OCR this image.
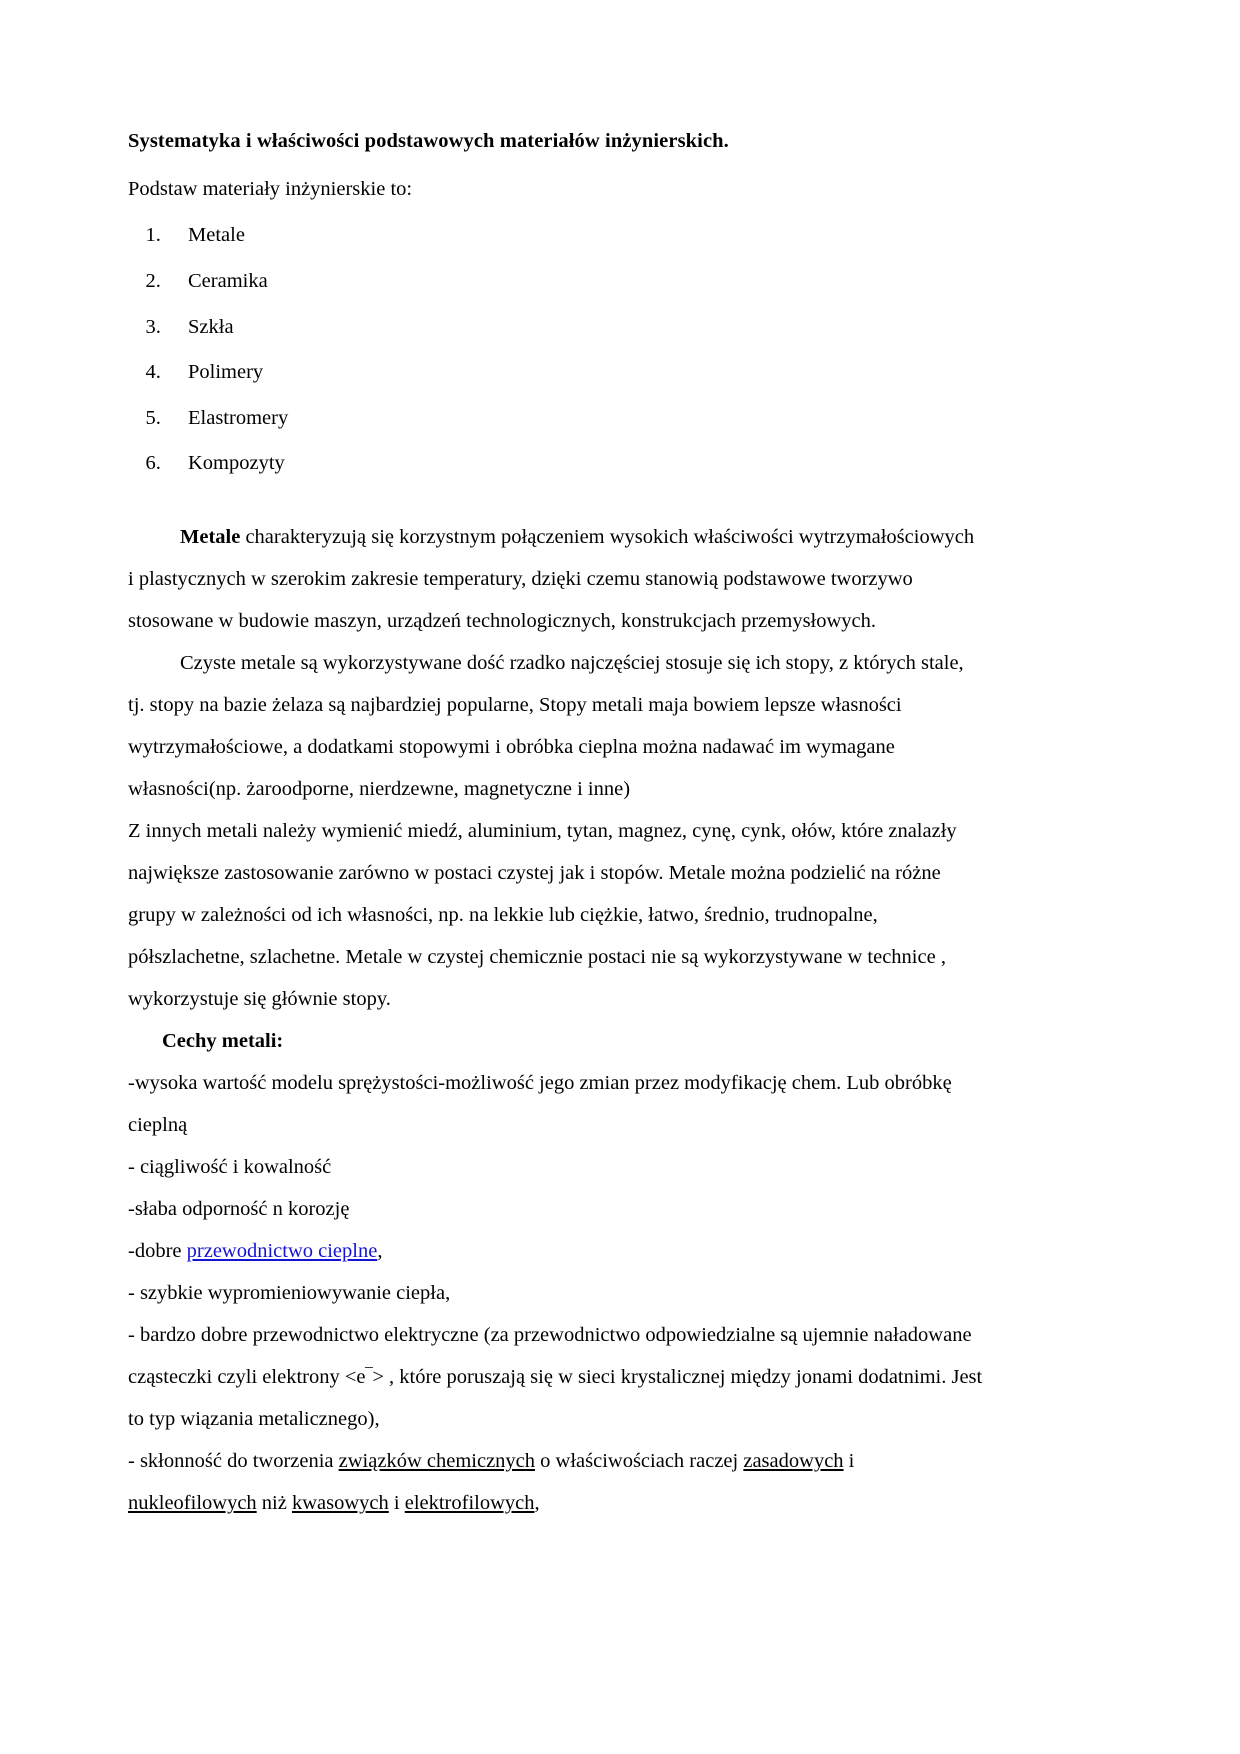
Systematyka i właściwości podstawowych materiałów inżynierskich.
Podstaw materiały inżynierskie to:
1. Metale
2. Ceramika
3. Szkła
4. Polimery
5. Elastromery
6. Kompozyty

Metale charakteryzują się korzystnym połączeniem wysokich właściwości wytrzymałościowych i plastycznych w szerokim zakresie temperatury, dzięki czemu stanowią podstawowe tworzywo stosowane w budowie maszyn, urządzeń technologicznych, konstrukcjach przemysłowych.

Czyste metale są wykorzystywane dość rzadko najczęściej stosuje się ich stopy, z których stale, tj. stopy na bazie żelaza są najbardziej popularne, Stopy metali maja bowiem lepsze własności wytrzymałościowe, a dodatkami stopowymi i obróbka cieplna można nadawać im wymagane własności(np. żaroodporne, nierdzewne, magnetyczne i inne)

Z innych metali należy wymienić miedź, aluminium, tytan, magnez, cynę, cynk, ołów, które znalazły największe zastosowanie zarówno w postaci czystej jak i stopów. Metale można podzielić na różne grupy w zależności od ich własności, np. na lekkie lub ciężkie, łatwo, średnio, trudnopalne, półszlachetne, szlachetne. Metale w czystej chemicznie postaci nie są wykorzystywane w technice , wykorzystuje się głównie stopy.

Cechy metali:

-wysoka wartość modelu sprężystości-możliwość jego zmian przez modyfikację chem. Lub obróbkę cieplną

- ciągliwość i kowalność

-słaba odporność n korozję

-dobre przewodnictwo cieplne,

- szybkie wypromieniowywanie ciepła,

- bardzo dobre przewodnictwo elektryczne (za przewodnictwo odpowiedzialne są ujemnie naładowane cząsteczki czyli elektrony <e‾> , które poruszają się w sieci krystalicznej między jonami dodatnimi. Jest to typ wiązania metalicznego),

- skłonność do tworzenia związków chemicznych o właściwościach raczej zasadowych i nukleofilowych niż kwasowych i elektrofilowych,
